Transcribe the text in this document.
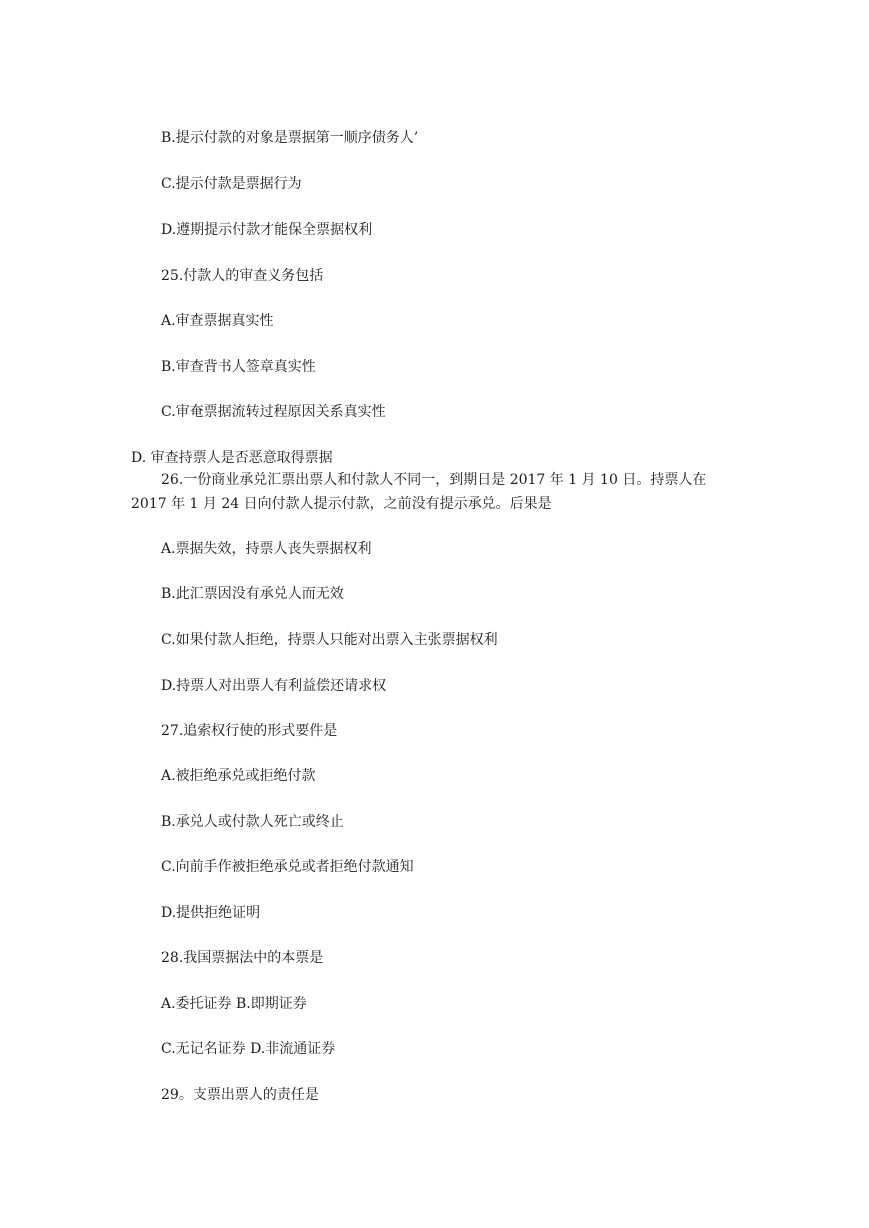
B.提示付款的对象是票据第一顺序债务人’
C.提示付款是票据行为
D.遵期提示付款才能保全票据权利
25.付款人的审查义务包括
A.审查票据真实性
B.审查背书人签章真实性
C.审奄票据流转过程原因关系真实性
D. 审查持票人是否恶意取得票据
26.一份商业承兑汇票出票人和付款人不同一，到期日是 2017 年 1 月 10 日。持票人在
2017 年 1 月 24 日向付款人提示付款，之前没有提示承兑。后果是
A.票据失效，持票人丧失票据权利
B.此汇票因没有承兑人而无效
C.如果付款人拒绝，持票人只能对出票入主张票据权利
D.持票人对出票人有利益偿还请求权
27.追索权行使的形式要件是
A.被拒绝承兑或拒绝付款
B.承兑人或付款人死亡或终止
C.向前手作被拒绝承兑或者拒绝付款通知
D.提供拒绝证明
28.我国票据法中的本票是
A.委托证券 B.即期证券
C.无记名证券 D.非流通证券
29。支票出票人的责任是
